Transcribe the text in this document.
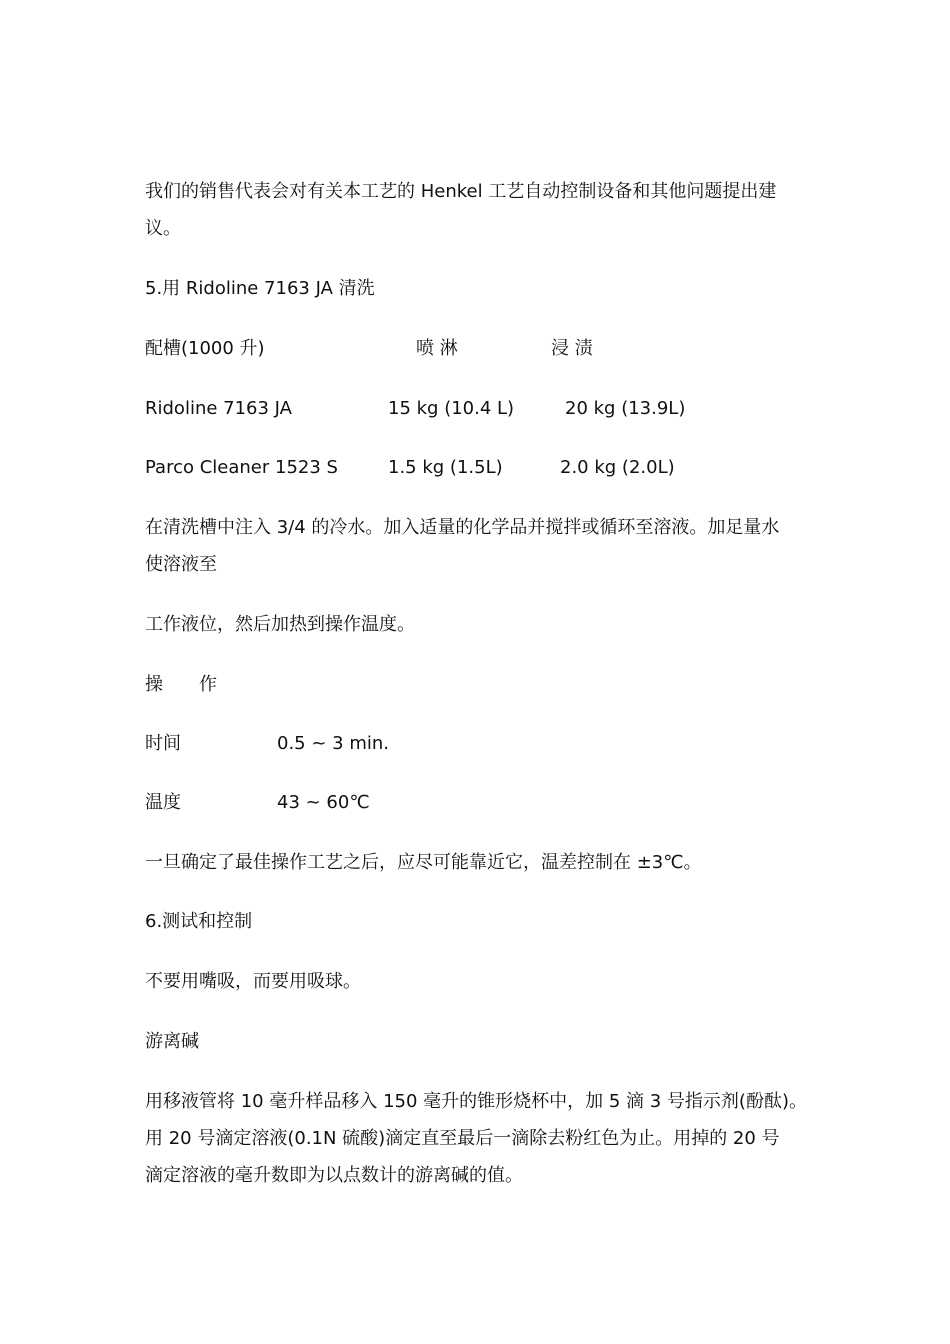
我们的销售代表会对有关本工艺的 Henkel 工艺自动控制设备和其他问题提出建
议。
5.用 Ridoline 7163 JA 清洗
配槽(1000 升)	喷 淋	浸 渍
Ridoline 7163 JA	15 kg (10.4 L)	20 kg (13.9L)
Parco Cleaner 1523 S	1.5 kg (1.5L)	2.0 kg (2.0L)
在清洗槽中注入 3/4 的冷水。加入适量的化学品并搅拌或循环至溶液。加足量水
使溶液至
工作液位，然后加热到操作温度。
操　　作
时间	0.5 ~ 3 min.
温度	43 ~ 60℃
一旦确定了最佳操作工艺之后，应尽可能靠近它，温差控制在 ±3℃。
6.测试和控制
不要用嘴吸，而要用吸球。
游离碱
用移液管将 10 毫升样品移入 150 毫升的锥形烧杯中，加 5 滴 3 号指示剂(酚酞)。
用 20 号滴定溶液(0.1N 硫酸)滴定直至最后一滴除去粉红色为止。用掉的 20 号
滴定溶液的毫升数即为以点数计的游离碱的值。
